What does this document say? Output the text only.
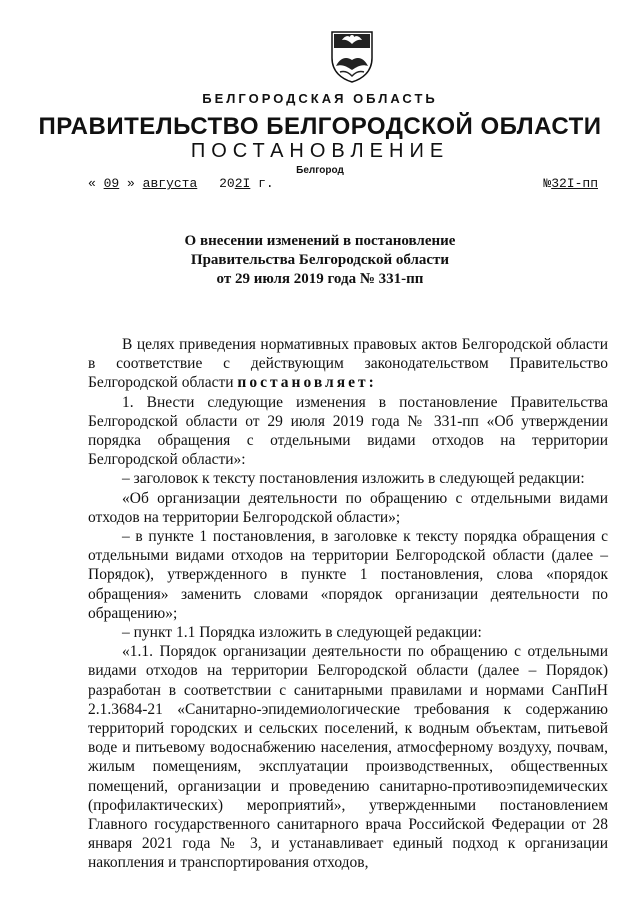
БЕЛГОРОДСКАЯ ОБЛАСТЬ
ПРАВИТЕЛЬСТВО БЕЛГОРОДСКОЙ ОБЛАСТИ
ПОСТАНОВЛЕНИЕ
Белгород
« 09 » августа 202I г.	№32I-пп
О внесении изменений в постановление
Правительства Белгородской области
от 29 июля 2019 года № 331-пп

В целях приведения нормативных правовых актов Белгородской области в соответствие с действующим законодательством Правительство Белгородской области постановляет:

1. Внести следующие изменения в постановление Правительства Белгородской области от 29 июля 2019 года № 331-пп «Об утверждении порядка обращения с отдельными видами отходов на территории Белгородской области»:

– заголовок к тексту постановления изложить в следующей редакции:

«Об организации деятельности по обращению с отдельными видами отходов на территории Белгородской области»;

– в пункте 1 постановления, в заголовке к тексту порядка обращения с отдельными видами отходов на территории Белгородской области (далее – Порядок), утвержденного в пункте 1 постановления, слова «порядок обращения» заменить словами «порядок организации деятельности по обращению»;

– пункт 1.1 Порядка изложить в следующей редакции:

«1.1. Порядок организации деятельности по обращению с отдельными видами отходов на территории Белгородской области (далее – Порядок) разработан в соответствии с санитарными правилами и нормами СанПиН 2.1.3684-21 «Санитарно-эпидемиологические требования к содержанию территорий городских и сельских поселений, к водным объектам, питьевой воде и питьевому водоснабжению населения, атмосферному воздуху, почвам, жилым помещениям, эксплуатации производственных, общественных помещений, организации и проведению санитарно-противоэпидемических (профилактических) мероприятий», утвержденными постановлением Главного государственного санитарного врача Российской Федерации от 28 января 2021 года № 3, и устанавливает единый подход к организации накопления и транспортирования отходов,
